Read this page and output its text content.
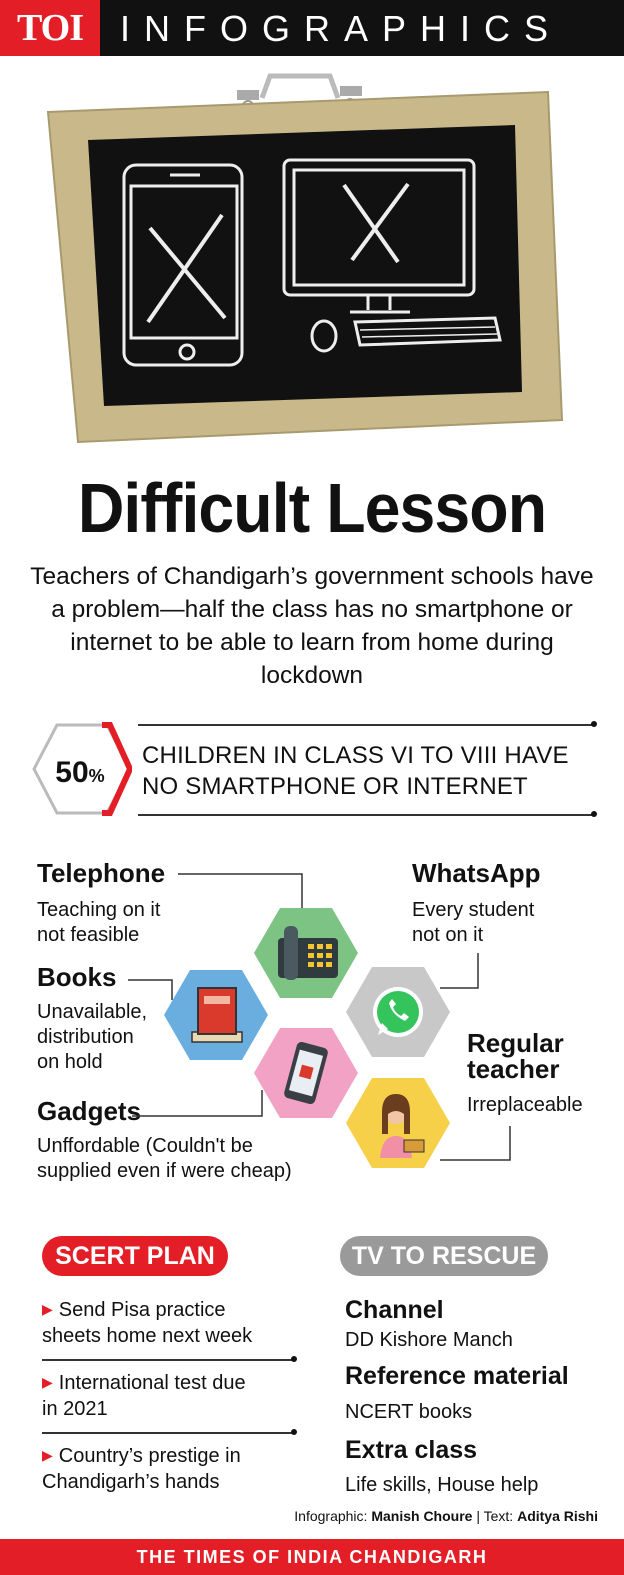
TOI	INFOGRAPHICS
Difficult Lesson
Teachers of Chandigarh’s government schools have a problem—half the class has no smartphone or internet to be able to learn from home during lockdown
50%
CHILDREN IN CLASS VI TO VIII HAVE
NO SMARTPHONE OR INTERNET
Telephone
Teaching on it
not feasible
WhatsApp
Every student
not on it
Books
Unavailable,
distribution
on hold
Regular
teacher
Irreplaceable
Gadgets
Unffordable (Couldn't be
supplied even if were cheap)
SCERT PLAN
▶ Send Pisa practice
sheets home next week
▶ International test due
in 2021
▶ Country’s prestige in
Chandigarh’s hands
TV TO RESCUE
Channel
DD Kishore Manch
Reference material
NCERT books
Extra class
Life skills, House help
Infographic: Manish Choure | Text: Aditya Rishi
THE TIMES OF INDIA CHANDIGARH
